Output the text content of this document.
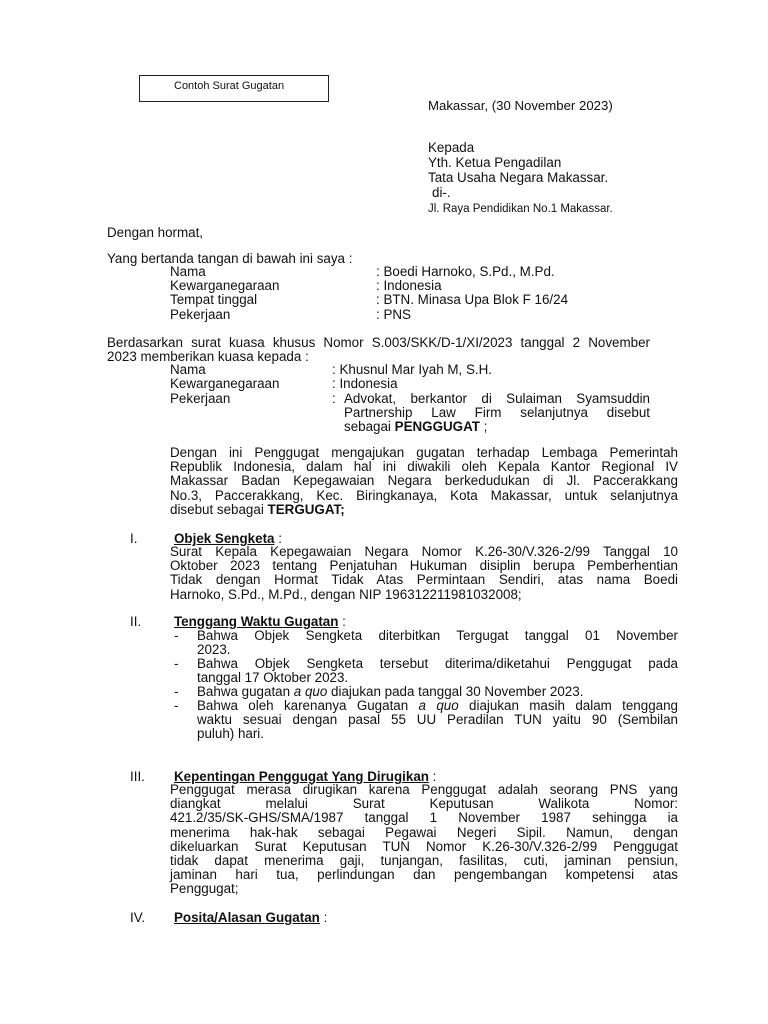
Contoh Surat Gugatan
Makassar, (30 November 2023)
Kepada
Yth. Ketua Pengadilan
Tata Usaha Negara Makassar.
di-.
Jl. Raya Pendidikan No.1 Makassar.
Dengan hormat,
Yang bertanda tangan di bawah ini saya :
Nama	: Boedi Harnoko, S.Pd., M.Pd.

Kewarganegaraan	: Indonesia

Tempat tinggal	: BTN. Minasa Upa Blok F 16/24

Pekerjaan	: PNS

Berdasarkan surat kuasa khusus Nomor S.003/SKK/D-1/XI/2023 tanggal 2 November
2023 memberikan kuasa kepada :
Nama	: Khusnul Mar Iyah M, S.H.
Kewarganegaraan	: Indonesia
Pekerjaan	: Advokat, berkantor di Sulaiman Syamsuddin
Partnership Law Firm selanjutnya disebut
sebagai PENGGUGAT ;
Dengan ini Penggugat mengajukan gugatan terhadap Lembaga Pemerintah
Republik Indonesia, dalam hal ini diwakili oleh Kepala Kantor Regional IV
Makassar Badan Kepegawaian Negara berkedudukan di Jl. Paccerakkang
No.3, Paccerakkang, Kec. Biringkanaya, Kota Makassar, untuk selanjutnya
disebut sebagai TERGUGAT;
I.	Objek Sengketa :
Surat Kepala Kepegawaian Negara Nomor K.26-30/V.326-2/99 Tanggal 10
Oktober 2023 tentang Penjatuhan Hukuman disiplin berupa Pemberhentian
Tidak dengan Hormat Tidak Atas Permintaan Sendiri, atas nama Boedi
Harnoko, S.Pd., M.Pd., dengan NIP 196312211981032008;
II. Tenggang Waktu Gugatan :
- Bahwa Objek Sengketa diterbitkan Tergugat tanggal 01 November
2023.
- Bahwa Objek Sengketa tersebut diterima/diketahui Penggugat pada
tanggal 17 Oktober 2023.
- Bahwa gugatan a quo diajukan pada tanggal 30 November 2023.
- Bahwa oleh karenanya Gugatan a quo diajukan masih dalam tenggang
waktu sesuai dengan pasal 55 UU Peradilan TUN yaitu 90 (Sembilan
puluh) hari.
III. Kepentingan Penggugat Yang Dirugikan :
Penggugat merasa dirugikan karena Penggugat adalah seorang PNS yang
diangkat melalui Surat Keputusan Walikota Nomor:
421.2/35/SK-GHS/SMA/1987 tanggal 1 November 1987 sehingga ia
menerima hak-hak sebagai Pegawai Negeri Sipil. Namun, dengan
dikeluarkan Surat Keputusan TUN Nomor K.26-30/V.326-2/99 Penggugat
tidak dapat menerima gaji, tunjangan, fasilitas, cuti, jaminan pensiun,
jaminan hari tua, perlindungan dan pengembangan kompetensi atas
Penggugat;
IV. Posita/Alasan Gugatan :
